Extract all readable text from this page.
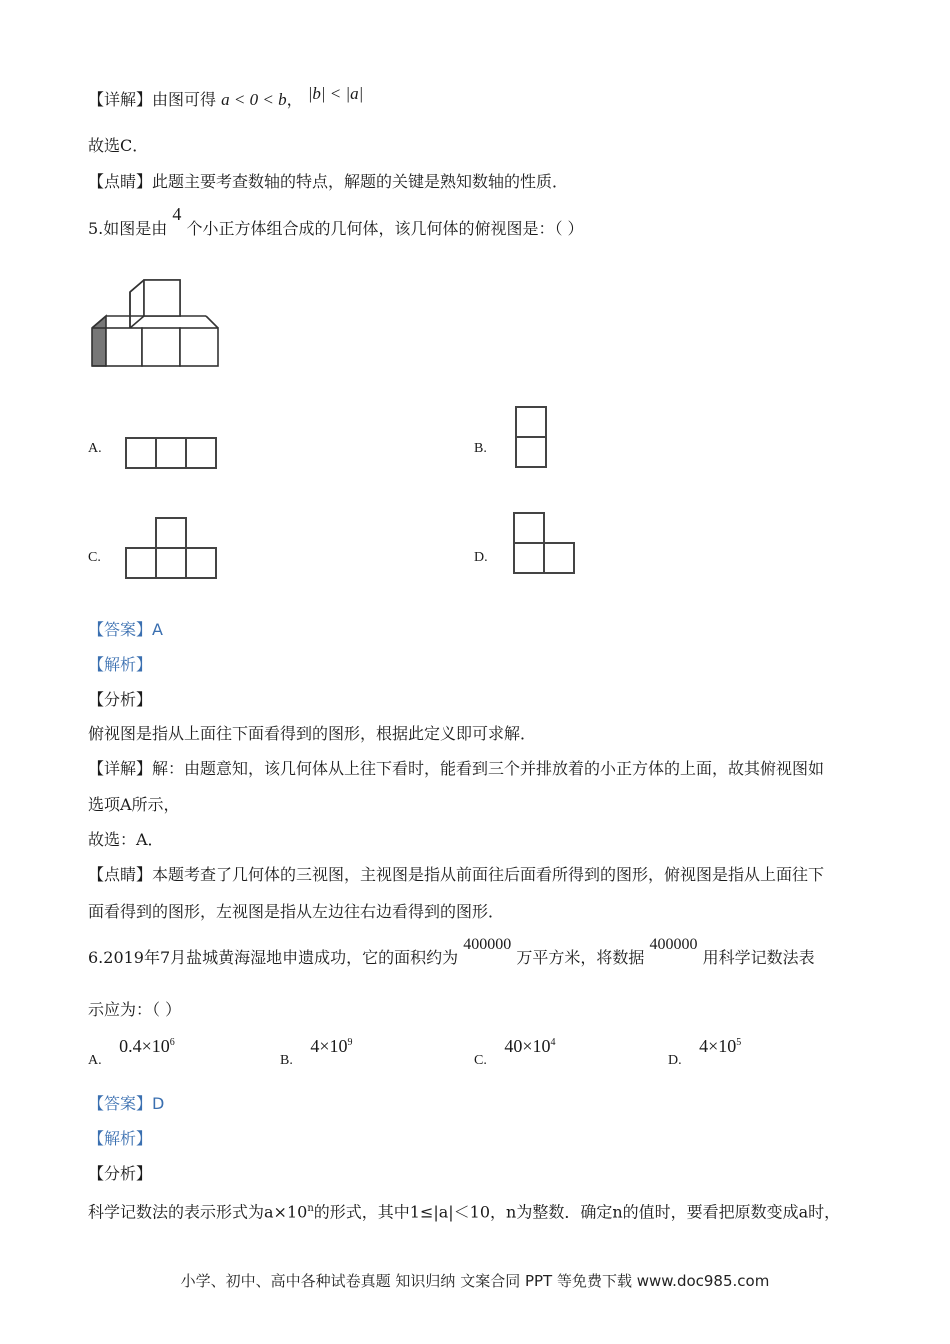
【详解】由图可得 a < 0 < b， |b| < |a|
故选C．
【点睛】此题主要考查数轴的特点，解题的关键是熟知数轴的性质．
5.如图是由 4 个小正方体组合成的几何体，该几何体的俯视图是：（ ）
A.	B.
C.	D.
【答案】A
【解析】
【分析】
俯视图是指从上面往下面看得到的图形，根据此定义即可求解．
【详解】解：由题意知，该几何体从上往下看时，能看到三个并排放着的小正方体的上面，故其俯视图如
选项A所示，
故选：A．
【点睛】本题考查了几何体的三视图，主视图是指从前面往后面看所得到的图形，俯视图是指从上面往下
面看得到的图形，左视图是指从左边往右边看得到的图形．
6.2019年7月盐城黄海湿地申遗成功，它的面积约为 400000 万平方米，将数据 400000 用科学记数法表
示应为：（ ）
A. $0.4\times 10^6$
B. $4\times 10^9$
C. $40\times 10^4$
D. $4\times 10^5$
【答案】D
【解析】
【分析】
科学记数法的表示形式为$a\times 10^n$的形式，其中1≤|a|＜10，n为整数．确定n的值时，要看把原数变成a时，
小学、初中、高中各种试卷真题 知识归纳 文案合同 PPT 等免费下载 www.doc985.com
